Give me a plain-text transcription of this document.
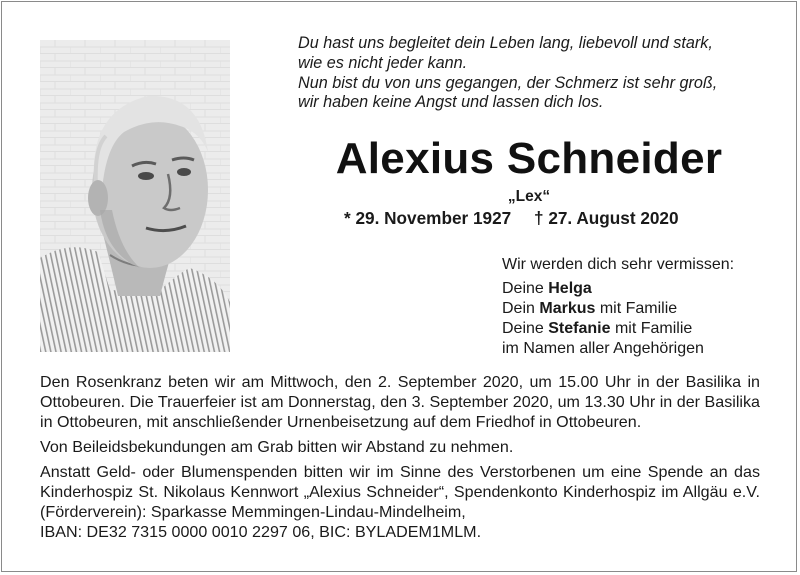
Du hast uns begleitet dein Leben lang, liebevoll und stark,
wie es nicht jeder kann.
Nun bist du von uns gegangen, der Schmerz ist sehr groß,
wir haben keine Angst und lassen dich los.
Alexius Schneider
„Lex“
* 29. November 1927 † 27. August 2020
Wir werden dich sehr vermissen:
Deine Helga
Dein Markus mit Familie
Deine Stefanie mit Familie
im Namen aller Angehörigen

Den Rosenkranz beten wir am Mittwoch, den 2. September 2020, um 15.00 Uhr in der Basilika in Ottobeuren. Die Trauerfeier ist am Donnerstag, den 3. September 2020, um 13.30 Uhr in der Basilika in Ottobeuren, mit anschließender Urnenbeisetzung auf dem Friedhof in Ottobeuren.

Von Beileidsbekundungen am Grab bitten wir Abstand zu nehmen.

Anstatt Geld- oder Blumenspenden bitten wir im Sinne des Verstorbenen um eine Spende an das Kinderhospiz St. Nikolaus Kennwort „Alexius Schneider“, Spendenkonto Kinderhospiz im Allgäu e.V. (Förderverein): Sparkasse Memmingen-Lindau-Mindelheim,

IBAN: DE32 7315 0000 0010 2297 06, BIC: BYLADEM1MLM.
